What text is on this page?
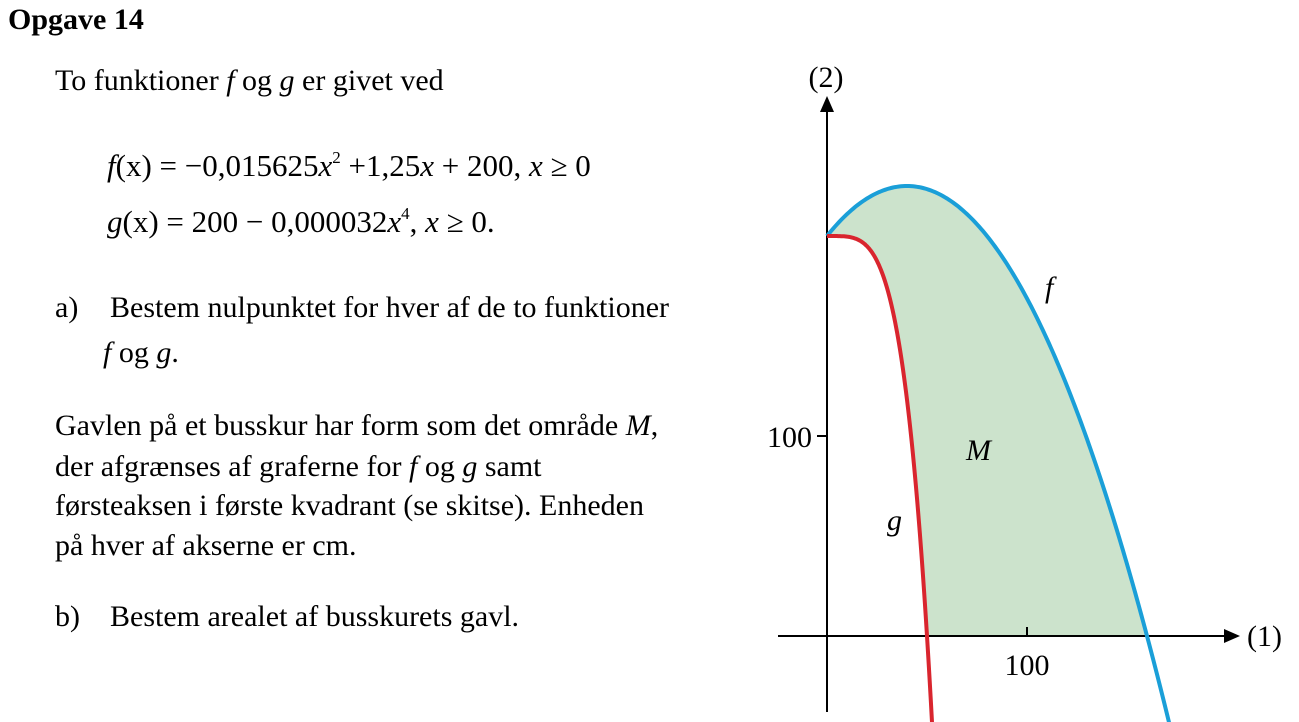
Opgave 14
To funktioner f og g er givet ved
$f(x) = -0,015625x^2 +1,25x + 200$, x ≥ 0
$g(x) = 200 - 0,000032x^4$, x ≥ 0.
a) Bestem nulpunktet for hver af de to funktioner
f og g.
Gavlen på et busskur har form som det område M,
der afgrænses af graferne for f og g samt
førsteaksen i første kvadrant (se skitse). Enheden
på hver af akserne er cm.
b) Bestem arealet af busskurets gavl.
(2)
(1)
100
100
f
g
M
